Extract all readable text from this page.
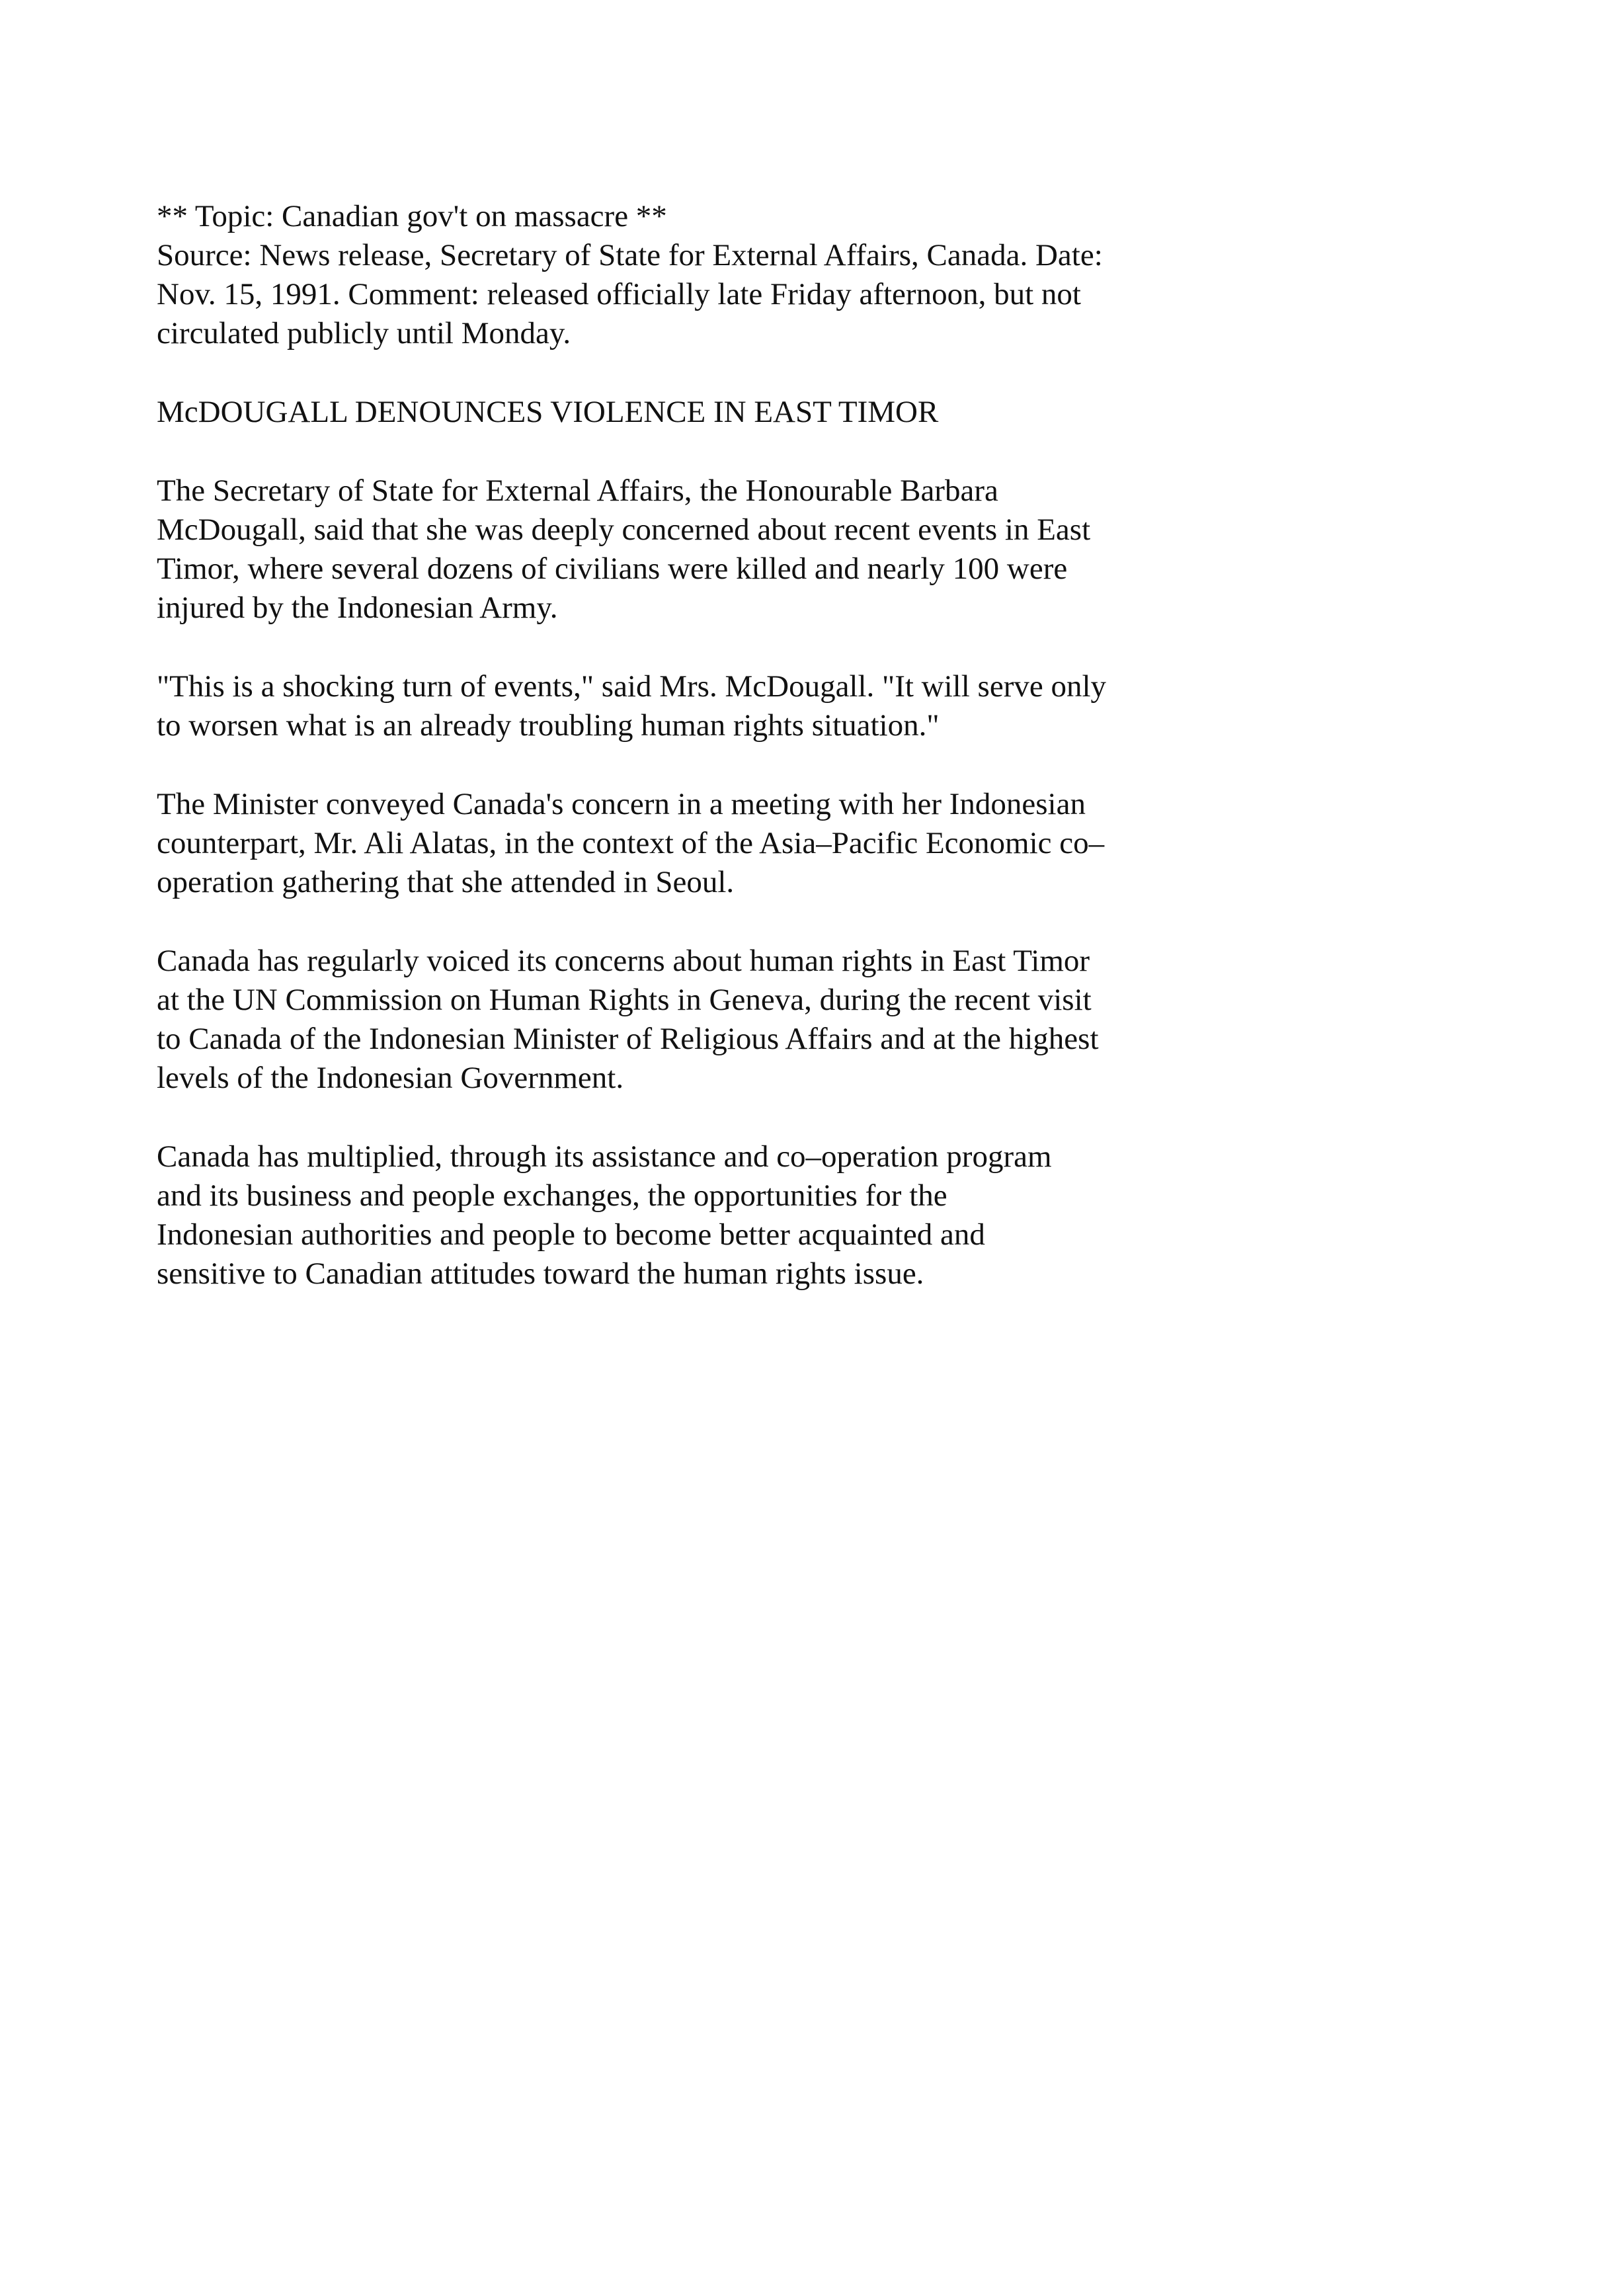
** Topic: Canadian gov't on massacre **
Source: News release, Secretary of State for External Affairs, Canada. Date:
Nov. 15, 1991. Comment: released officially late Friday afternoon, but not
circulated publicly until Monday.
McDOUGALL DENOUNCES VIOLENCE IN EAST TIMOR
The Secretary of State for External Affairs, the Honourable Barbara
McDougall, said that she was deeply concerned about recent events in East
Timor, where several dozens of civilians were killed and nearly 100 were
injured by the Indonesian Army.
"This is a shocking turn of events," said Mrs. McDougall. "It will serve only
to worsen what is an already troubling human rights situation."
The Minister conveyed Canada's concern in a meeting with her Indonesian
counterpart, Mr. Ali Alatas, in the context of the Asia–Pacific Economic co–
operation gathering that she attended in Seoul.
Canada has regularly voiced its concerns about human rights in East Timor
at the UN Commission on Human Rights in Geneva, during the recent visit
to Canada of the Indonesian Minister of Religious Affairs and at the highest
levels of the Indonesian Government.
Canada has multiplied, through its assistance and co–operation program
and its business and people exchanges, the opportunities for the
Indonesian authorities and people to become better acquainted and
sensitive to Canadian attitudes toward the human rights issue.
